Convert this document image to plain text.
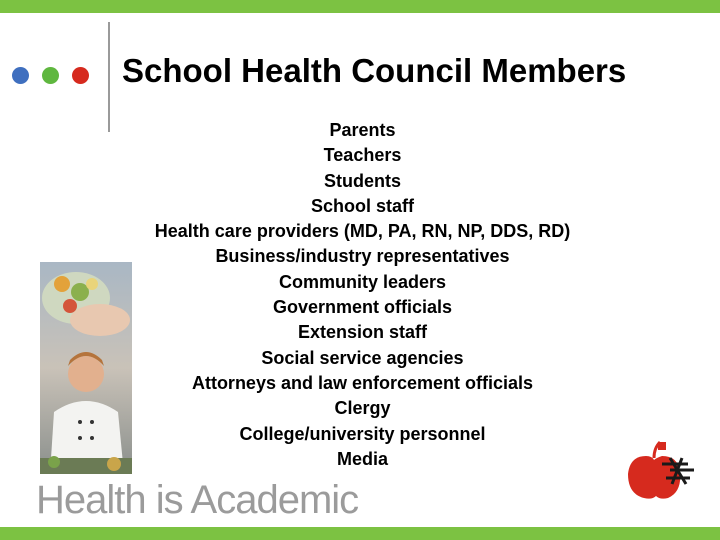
School Health Council Members
Parents
Teachers
Students
School staff
Health care providers (MD, PA, RN, NP, DDS, RD)
Business/industry representatives
Community leaders
Government officials
Extension staff
Social service agencies
Attorneys and law enforcement officials
Clergy
College/university personnel
Media
Health is Academic
